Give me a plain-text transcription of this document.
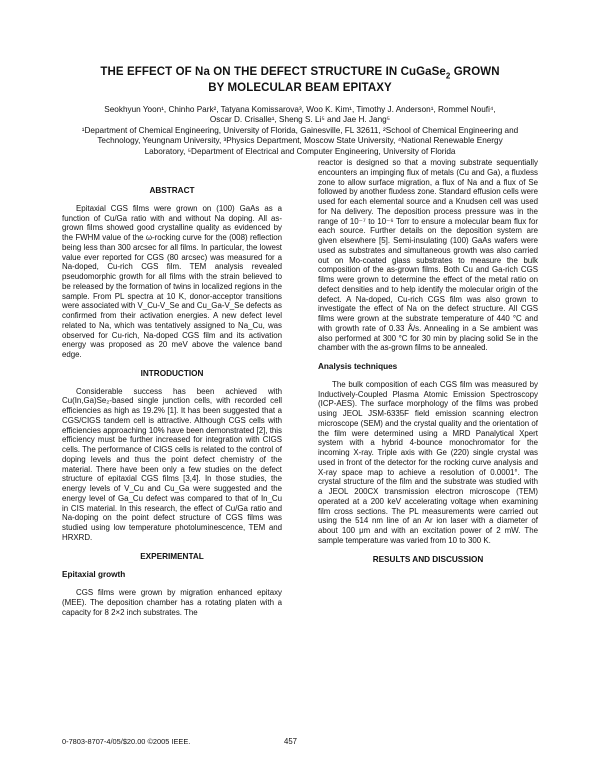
THE EFFECT OF Na ON THE DEFECT STRUCTURE IN CuGaSe$_2$ GROWN
BY MOLECULAR BEAM EPITAXY
Seokhyun Yoon¹, Chinho Park², Tatyana Komissarova³, Woo K. Kim¹, Timothy J. Anderson¹, Rommel Noufi⁴,
Oscar D. Crisalle¹, Sheng S. Li⁵ and Jae H. Jang⁵
¹Department of Chemical Engineering, University of Florida, Gainesville, FL 32611, ²School of Chemical Engineering and
Technology, Yeungnam University, ³Physics Department, Moscow State University, ⁴National Renewable Energy
Laboratory, ⁵Department of Electrical and Computer Engineering, University of Florida
ABSTRACT

Epitaxial CGS films were grown on (100) GaAs as a function of Cu/Ga ratio with and without Na doping. All as-grown films showed good crystalline quality as evidenced by the FWHM value of the ω-rocking curve for the (008) reflection being less than 300 arcsec for all films. In particular, the lowest value ever reported for CGS (80 arcsec) was measured for a Na-doped, Cu-rich CGS film. TEM analysis revealed pseudomorphic growth for all films with the strain believed to be released by the formation of twins in localized regions in the sample. From PL spectra at 10 K, donor-acceptor transitions were associated with V_Cu-V_Se and Cu_Ga-V_Se defects as confirmed from their activation energies. A new defect level related to Na, which was tentatively assigned to Na_Cu, was observed for Cu-rich, Na-doped CGS film and its activation energy was proposed as 20 meV above the valence band edge.

INTRODUCTION

Considerable success has been achieved with Cu(In,Ga)Se₂-based single junction cells, with recorded cell efficiencies as high as 19.2% [1]. It has been suggested that a CGS/CIGS tandem cell is attractive. Although CGS cells with efficiencies approaching 10% have been demonstrated [2], this efficiency must be further increased for integration with CIGS cells. The performance of CIGS cells is related to the control of doping levels and thus the point defect chemistry of the material. There have been only a few studies on the defect structure of epitaxial CGS films [3,4]. In those studies, the energy levels of V_Cu and Cu_Ga were suggested and the energy level of Ga_Cu defect was compared to that of In_Cu in CIS material. In this research, the effect of Cu/Ga ratio and Na-doping on the point defect structure of CGS films was studied using low temperature photoluminescence, TEM and HRXRD.

EXPERIMENTAL
Epitaxial growth

CGS films were grown by migration enhanced epitaxy (MEE). The deposition chamber has a rotating platen with a capacity for 8 2×2 inch substrates. The

reactor is designed so that a moving substrate sequentially encounters an impinging flux of metals (Cu and Ga), a fluxless zone to allow surface migration, a flux of Na and a flux of Se followed by another fluxless zone. Standard effusion cells were used for each elemental source and a Knudsen cell was used for Na delivery. The deposition process pressure was in the range of 10⁻⁷ to 10⁻⁶ Torr to ensure a molecular beam flux for each source. Further details on the deposition system are given elsewhere [5]. Semi-insulating (100) GaAs wafers were used as substrates and simultaneous growth was also carried out on Mo-coated glass substrates to measure the bulk composition of the as-grown films. Both Cu and Ga-rich CGS films were grown to determine the effect of the metal ratio on defect densities and to help identify the molecular origin of the defect. A Na-doped, Cu-rich CGS film was also grown to investigate the effect of Na on the defect structure. All CGS films were grown at the substrate temperature of 440 °C and with growth rate of 0.33 Å/s. Annealing in a Se ambient was also performed at 300 °C for 30 min by placing solid Se in the chamber with the as-grown films to be annealed.

Analysis techniques

The bulk composition of each CGS film was measured by Inductively-Coupled Plasma Atomic Emission Spectroscopy (ICP-AES). The surface morphology of the films was probed using JEOL JSM-6335F field emission scanning electron microscope (SEM) and the crystal quality and the orientation of the film were determined using a MRD Panalytical Xpert system with a hybrid 4-bounce monochromator for the incoming X-ray. Triple axis with Ge (220) single crystal was used in front of the detector for the rocking curve analysis and X-ray space map to achieve a resolution of 0.0001°. The crystal structure of the film and the substrate was studied with a JEOL 200CX transmission electron microscope (TEM) operated at a 200 keV accelerating voltage when examining film cross sections. The PL measurements were carried out using the 514 nm line of an Ar ion laser with a diameter of about 100 μm and with an excitation power of 2 mW. The sample temperature was varied from 10 to 300 K.

RESULTS AND DISCUSSION
0-7803-8707-4/05/$20.00 ©2005 IEEE.	457
